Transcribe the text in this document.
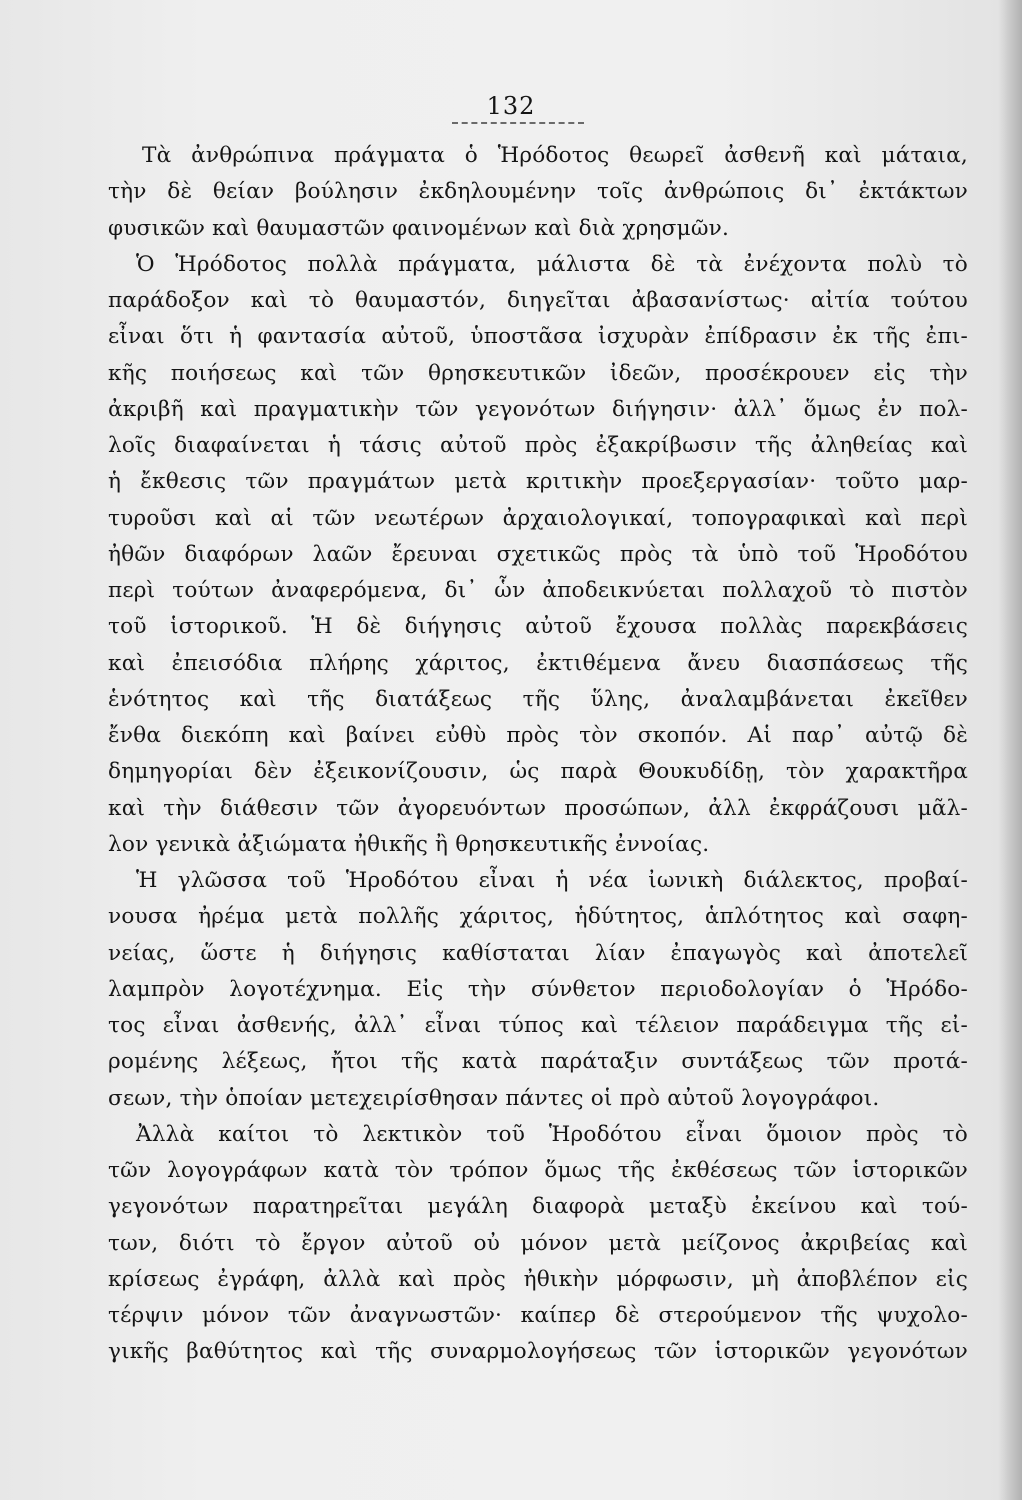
132
Τὰ ἀνθρώπινα πράγματα ὁ Ἡρόδοτος θεωρεῖ ἀσθενῆ καὶ μάταια,
τὴν δὲ θείαν βούλησιν ἐκδηλουμένην τοῖς ἀνθρώποις δι᾽ ἐκτάκτων
φυσικῶν καὶ θαυμαστῶν φαινομένων καὶ διὰ χρησμῶν.
Ὁ Ἡρόδοτος πολλὰ πράγματα, μάλιστα δὲ τὰ ἐνέχοντα πολὺ τὸ
παράδοξον καὶ τὸ θαυμαστόν, διηγεῖται ἀβασανίστως· αἰτία τούτου
εἶναι ὅτι ἡ φαντασία αὐτοῦ, ὑποστᾶσα ἰσχυρὰν ἐπίδρασιν ἐκ τῆς ἐπι-
κῆς ποιήσεως καὶ τῶν θρησκευτικῶν ἰδεῶν, προσέκρουεν εἰς τὴν
ἀκριβῆ καὶ πραγματικὴν τῶν γεγονότων διήγησιν· ἀλλ᾽ ὅμως ἐν πολ-
λοῖς διαφαίνεται ἡ τάσις αὐτοῦ πρὸς ἐξακρίβωσιν τῆς ἀληθείας καὶ
ἡ ἔκθεσις τῶν πραγμάτων μετὰ κριτικὴν προεξεργασίαν· τοῦτο μαρ-
τυροῦσι καὶ αἱ τῶν νεωτέρων ἀρχαιολογικαί, τοπογραφικαὶ καὶ περὶ
ἠθῶν διαφόρων λαῶν ἔρευναι σχετικῶς πρὸς τὰ ὑπὸ τοῦ Ἡροδότου
περὶ τούτων ἀναφερόμενα, δι᾽ ὧν ἀποδεικνύεται πολλαχοῦ τὸ πιστὸν
τοῦ ἱστορικοῦ. Ἡ δὲ διήγησις αὐτοῦ ἔχουσα πολλὰς παρεκβάσεις
καὶ ἐπεισόδια πλήρης χάριτος, ἐκτιθέμενα ἄνευ διασπάσεως τῆς
ἑνότητος καὶ τῆς διατάξεως τῆς ὕλης, ἀναλαμβάνεται ἐκεῖθεν
ἔνθα διεκόπη καὶ βαίνει εὐθὺ πρὸς τὸν σκοπόν. Αἱ παρ᾽ αὐτῷ δὲ
δημηγορίαι δὲν ἐξεικονίζουσιν, ὡς παρὰ Θουκυδίδῃ, τὸν χαρακτῆρα
καὶ τὴν διάθεσιν τῶν ἀγορευόντων προσώπων, ἀλλ ἐκφράζουσι μᾶλ-
λον γενικὰ ἀξιώματα ἠθικῆς ἢ θρησκευτικῆς ἐννοίας.
Ἡ γλῶσσα τοῦ Ἡροδότου εἶναι ἡ νέα ἰωνικὴ διάλεκτος, προβαί-
νουσα ἠρέμα μετὰ πολλῆς χάριτος, ἡδύτητος, ἁπλότητος καὶ σαφη-
νείας, ὥστε ἡ διήγησις καθίσταται λίαν ἐπαγωγὸς καὶ ἀποτελεῖ
λαμπρὸν λογοτέχνημα. Εἰς τὴν σύνθετον περιοδολογίαν ὁ Ἡρόδο-
τος εἶναι ἀσθενής, ἀλλ᾽ εἶναι τύπος καὶ τέλειον παράδειγμα τῆς εἰ-
ρομένης λέξεως, ἤτοι τῆς κατὰ παράταξιν συντάξεως τῶν προτά-
σεων, τὴν ὁποίαν μετεχειρίσθησαν πάντες οἱ πρὸ αὐτοῦ λογογράφοι.
Ἀλλὰ καίτοι τὸ λεκτικὸν τοῦ Ἡροδότου εἶναι ὅμοιον πρὸς τὸ
τῶν λογογράφων κατὰ τὸν τρόπον ὅμως τῆς ἐκθέσεως τῶν ἱστορικῶν
γεγονότων παρατηρεῖται μεγάλη διαφορὰ μεταξὺ ἐκείνου καὶ τού-
των, διότι τὸ ἔργον αὐτοῦ οὐ μόνον μετὰ μείζονος ἀκριβείας καὶ
κρίσεως ἐγράφη, ἀλλὰ καὶ πρὸς ἠθικὴν μόρφωσιν, μὴ ἀποβλέπον εἰς
τέρψιν μόνον τῶν ἀναγνωστῶν· καίπερ δὲ στερούμενον τῆς ψυχολο-
γικῆς βαθύτητος καὶ τῆς συναρμολογήσεως τῶν ἱστορικῶν γεγονότων
